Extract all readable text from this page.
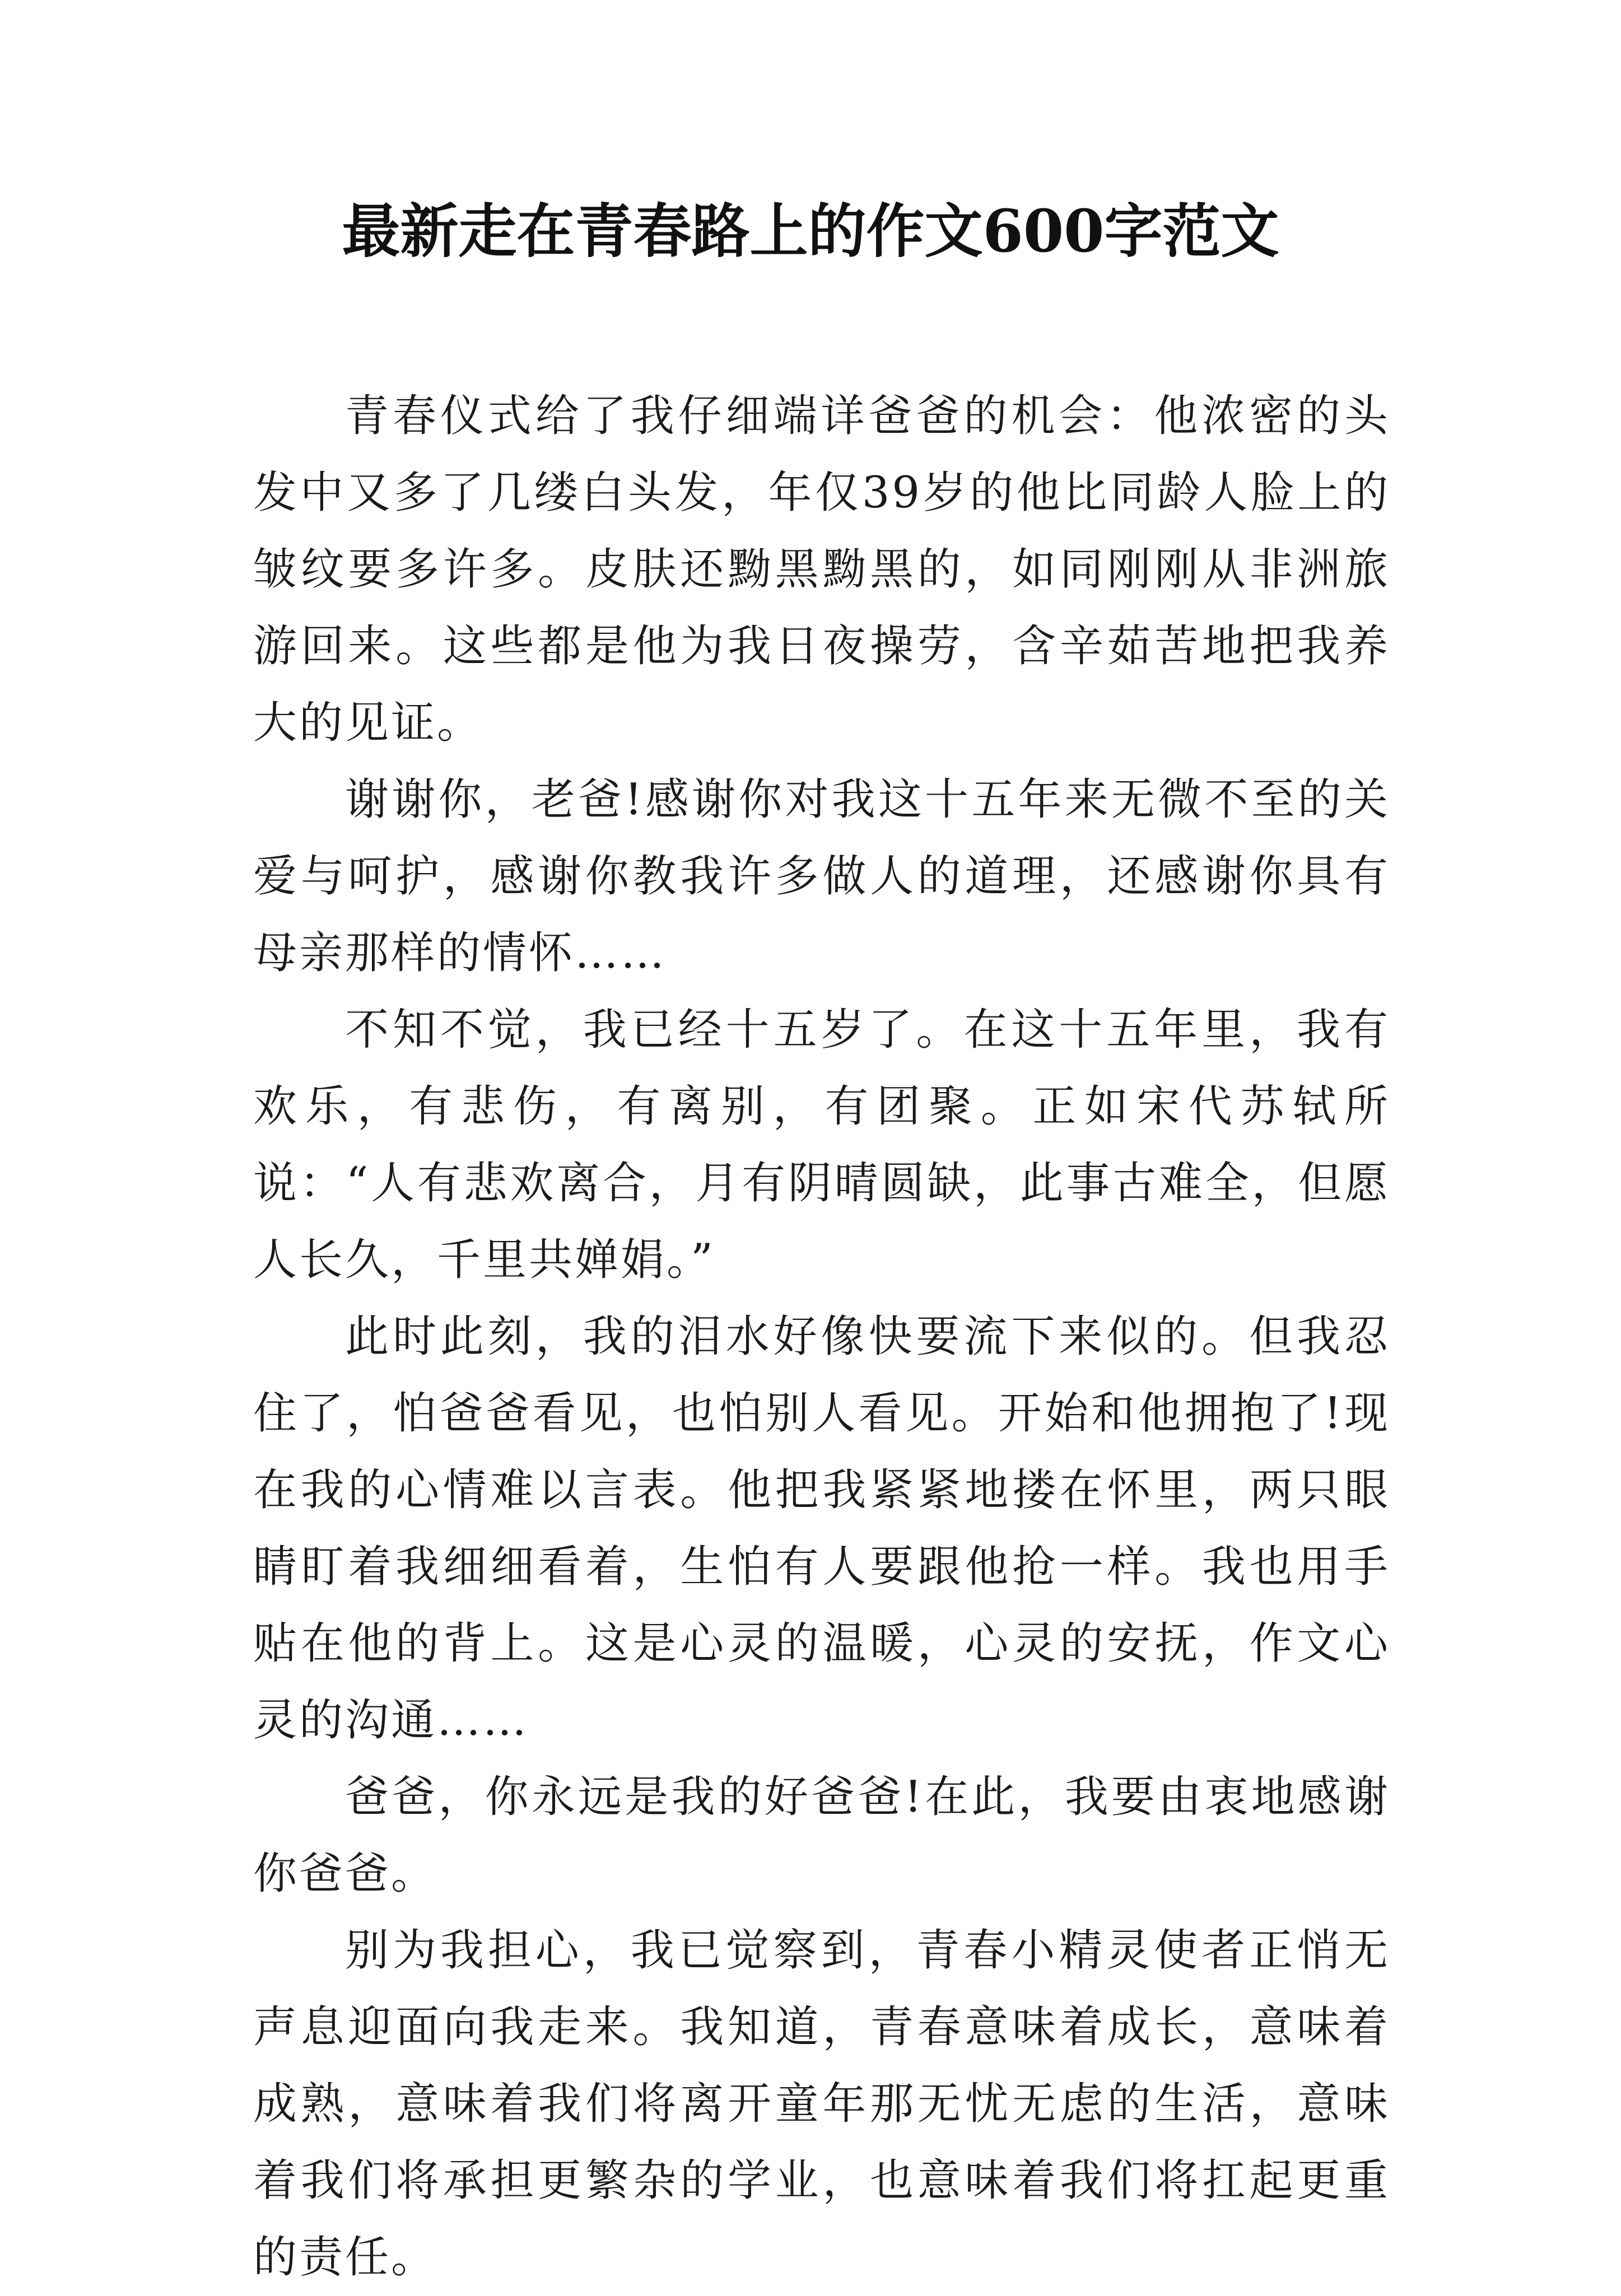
最新走在青春路上的作文600字范文

青春仪式给了我仔细端详爸爸的机会：他浓密的头发中又多了几缕白头发，年仅39岁的他比同龄人脸上的皱纹要多许多。皮肤还黝黑黝黑的，如同刚刚从非洲旅游回来。这些都是他为我日夜操劳，含辛茹苦地把我养大的见证。

谢谢你，老爸!感谢你对我这十五年来无微不至的关爱与呵护，感谢你教我许多做人的道理，还感谢你具有母亲那样的情怀……

不知不觉，我已经十五岁了。在这十五年里，我有欢乐，有悲伤，有离别，有团聚。正如宋代苏轼所说：“人有悲欢离合，月有阴晴圆缺，此事古难全，但愿人长久，千里共婵娟。”

此时此刻，我的泪水好像快要流下来似的。但我忍住了，怕爸爸看见，也怕别人看见。开始和他拥抱了!现在我的心情难以言表。他把我紧紧地搂在怀里，两只眼睛盯着我细细看着，生怕有人要跟他抢一样。我也用手贴在他的背上。这是心灵的温暖，心灵的安抚，作文心灵的沟通……

爸爸，你永远是我的好爸爸!在此，我要由衷地感谢你爸爸。

别为我担心，我已觉察到，青春小精灵使者正悄无声息迎面向我走来。我知道，青春意味着成长，意味着成熟，意味着我们将离开童年那无忧无虑的生活，意味着我们将承担更繁杂的学业，也意味着我们将扛起更重的责任。
